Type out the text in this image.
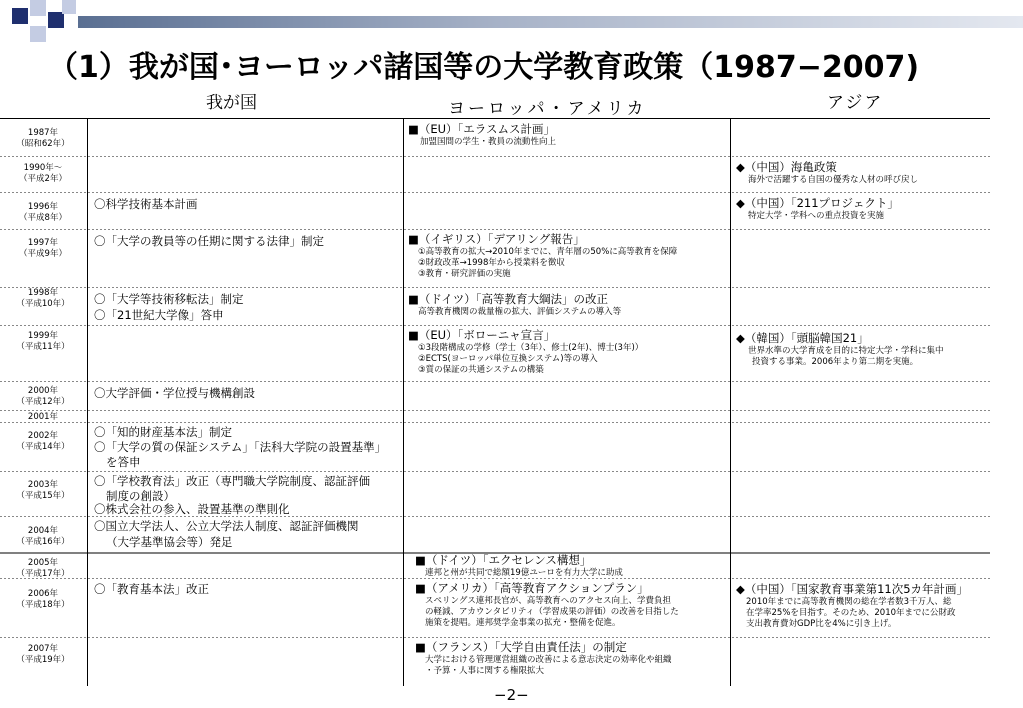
（1）我が国･ヨーロッパ諸国等の大学教育政策（1987−2007)
我が国	ヨーロッパ・アメリカ	アジア
1987年
（昭和62年）
1990年～
（平成2年）
1996年
（平成8年）
1997年
（平成9年）
1998年
（平成10年）
1999年
（平成11年）
2000年
（平成12年）
2001年
2002年
（平成14年）
2003年
（平成15年）
2004年
（平成16年）
2005年
（平成17年）
2006年
（平成18年）
2007年
（平成19年）
〇科学技術基本計画
〇「大学の教員等の任期に関する法律」制定
〇「大学等技術移転法」制定
〇「21世紀大学像」答申
〇大学評価・学位授与機構創設
〇「知的財産基本法」制定
〇「大学の質の保証システム」「法科大学院の設置基準」
を答申
〇「学校教育法」改正（専門職大学院制度、認証評価
制度の創設）
〇株式会社の参入、設置基準の準則化
〇国立大学法人、公立大学法人制度、認証評価機関
（大学基準協会等）発足
〇「教育基本法」改正
■（EU）「エラスムス計画」
加盟国間の学生・教員の流動性向上
■（イギリス）「デアリング報告」
①高等教育の拡大→2010年までに、青年層の50%に高等教育を保障
②財政改革→1998年から授業料を徴収
③教育・研究評価の実施
■（ドイツ）「高等教育大綱法」の改正
高等教育機関の裁量権の拡大、評価システムの導入等
■（EU）「ボローニャ宣言」
①3段階構成の学修（学士（3年）、修士(2年)、博士(3年)）
②ECTS(ヨーロッパ単位互換システム)等の導入
③質の保証の共通システムの構築
■（ドイツ）「エクセレンス構想」
連邦と州が共同で総額19億ユーロを有力大学に助成
■（アメリカ）「高等教育アクションプラン」
スペリングス連邦長官が、高等教育へのアクセス向上、学費負担
の軽減、アカウンタビリティ（学習成果の評価）の改善を目指した
施策を提唱。連邦奨学金事業の拡充・整備を促進。
■（フランス）「大学自由責任法」の制定
大学における管理運営組織の改善による意志決定の効率化や組織
・予算・人事に関する権限拡大
◆（中国）海亀政策
海外で活躍する自国の優秀な人材の呼び戻し
◆（中国）「211プロジェクト」
特定大学・学科への重点投資を実施
◆（韓国）「頭脳韓国21」
世界水準の大学育成を目的に特定大学・学科に集中
投資する事業。2006年より第二期を実施。
◆（中国）「国家教育事業第11次5カ年計画」
2010年までに高等教育機関の総在学者数3千万人、総
在学率25%を目指す。そのため、2010年までに公財政
支出教育費対GDP比を4%に引き上げ。
−2−
